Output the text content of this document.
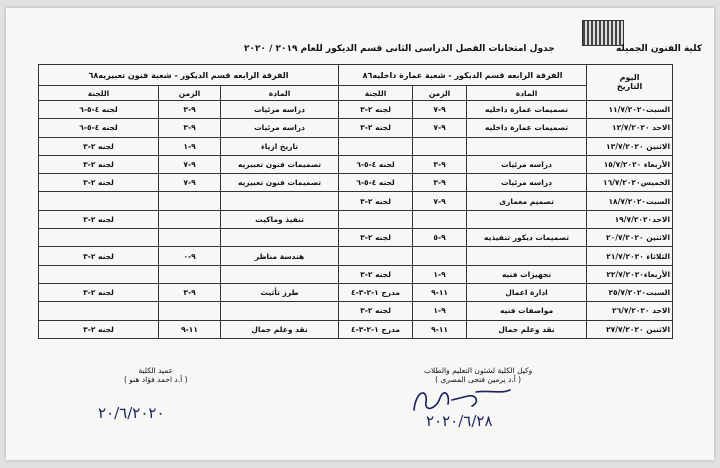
كلية الفنون الجميله
جدول امتحانات الفصل الدراسى الثانى قسم الديكور للعام ٢٠١٩ / ٢٠٢٠
اليوم
التاريخ	الفرقة الرابعه قسم الديكور - شعبة عمارة داخليه٨٦			الفرقة الرابعه قسم الديكور - شعبة فنون تعبيريه٦٨		
	المادة	الزمن	اللجنة	المادة	الزمن	اللجنة
السبت١١/٧/٢٠٢٠	تصميمات عمارة داخليه	٩-٧	لجنه ٢-٣	دراسه مرئيات	٩-٣	لجنه ٤-٥-٦
الاحد ١٢/٧/٢٠٢٠	تصميمات عمارة داخليه	٩-٧	لجنه ٢-٣	دراسه مرئيات	٩-٣	لجنه ٤-٥-٦
الاثنين ١٣/٧/٢٠٢٠				تاريخ ازياء	٩-١	لجنه ٢-٣
الأربعاء ١٥/٧/٢٠٢٠	دراسه مرئيات	٩-٣	لجنه ٤-٥-٦	تصميمات فنون تعبيريه	٩-٧	لجنه ٢-٣
الخميس١٦/٧/٢٠٢٠	دراسه مرئيات	٩-٣	لجنه ٤-٥-٦	تصميمات فنون تعبيريه	٩-٧	لجنه ٢-٣
السبت١٨/٧/٢٠٢٠	تصميم معمارى	٩-٧	لجنه ٢-٣			
الاحد١٩/٧/٢٠٢٠				تنفيذ وماكيت		لجنه ٢-٣
الاثنين ٢٠/٧/٢٠٢٠	تصميمات ديكور تنفيذيه	٩-٥	لجنه ٢-٣			
الثلاثاء ٢١/٧/٢٠٢٠				هندسة مناظر	٩-٠	لجنه ٢-٣
الأربعاء٢٢/٧/٢٠٢٠	تجهيزات فنيه	٩-١	لجنه ٢-٣			
السبت٢٥/٧/٢٠٢٠	ادارة اعمال	١١-٩	مدرج ١-٢-٣-٤	طرز تأثيث	٩-٣	لجنه ٢-٣
الاحد ٢٦/٧/٢٠٢٠	مواصفات فنيه	٩-١	لجنه ٢-٣			
الاثنين ٢٧/٧/٢٠٢٠	نقد وعلم جمال	١١-٩	مدرج ١-٢-٣-٤	نقد وعلم جمال	١١-٩	لجنه ٢-٣
عميد الكلية
( أ.د احمد فؤاد هنو )
٢٠/٦/٢٠٢٠
وكيل الكلية لشئون التعليم والطلاب
( أ.د يرمين فتحى المصرى )
٢٠٢٠/٦/٢٨
